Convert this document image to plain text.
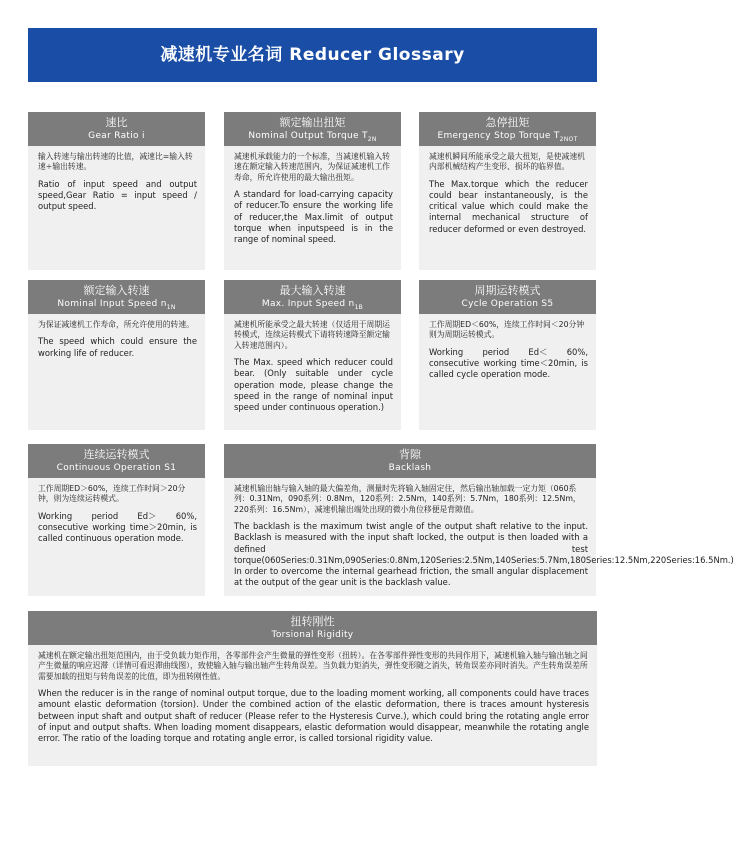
减速机专业名词 Reducer Glossary
速比
Gear Ratio i

输入转速与输出转速的比值，减速比=输入转速÷输出转速。

Ratio of input speed and output speed,Gear Ratio = input speed / output speed.

额定输出扭矩
Nominal Output Torque $T_{2N}$

减速机承载能力的一个标准，当减速机输入转速在额定输入转速范围内，为保证减速机工作寿命，所允许使用的最大输出扭矩。

A standard for load-carrying capacity of reducer.To ensure the working life of reducer,the Max.limit of output torque when inputspeed is in the range of nominal speed.

急停扭矩
Emergency Stop Torque $T_{2NOT}$

减速机瞬间所能承受之最大扭矩，是使减速机内部机械结构产生变形、损坏的临界值。

The Max.torque which the reducer could bear instantaneously, is the critical value which could make the internal mechanical structure of reducer deformed or even destroyed.

额定输入转速
Nominal Input Speed $n_{1N}$

为保证减速机工作寿命，所允许使用的转速。

The speed which could ensure the working life of reducer.

最大输入转速
Max. Input Speed $n_{1B}$

减速机所能承受之最大转速（仅适用于周期运转模式，连续运转模式下请将转速降至额定输入转速范围内）。

The Max. speed which reducer could bear. (Only suitable under cycle operation mode, please change the speed in the range of nominal input speed under continuous operation.)

周期运转模式
Cycle Operation S5

工作周期ED＜60%，连续工作时间＜20分钟则为周期运转模式。

Working period Ed＜ 60%, consecutive working time＜20min, is called cycle operation mode.

连续运转模式
Continuous Operation S1

工作周期ED＞60%，连续工作时间＞20分钟，则为连续运转模式。

Working period Ed＞ 60%, consecutive working time＞20min, is called continuous operation mode.

背隙
Backlash

减速机输出轴与输入轴的最大偏差角，测量时先将输入轴固定住，然后输出轴加载一定力矩（060系列：0.31Nm，090系列：0.8Nm，120系列：2.5Nm，140系列：5.7Nm，180系列：12.5Nm，220系列：16.5Nm），减速机输出端处出现的微小角位移便是背隙值。

The backlash is the maximum twist angle of the output shaft relative to the input. Backlash is measured with the input shaft locked, the output is then loaded with a defined test torque(060Series:0.31Nm,090Series:0.8Nm,120Series:2.5Nm,140Series:5.7Nm,180Series:12.5Nm,220Series:16.5Nm.) In order to overcome the internal gearhead friction, the small angular displacement at the output of the gear unit is the backlash value.

扭转刚性
Torsional Rigidity

减速机在额定输出扭矩范围内，由于受负载力矩作用，各零部件会产生微量的弹性变形（扭转）。在各零部件弹性变形的共同作用下，减速机输入轴与输出轴之间产生微量的响应迟滞（详情可看迟滞曲线图），致使输入轴与输出轴产生转角误差。当负载力矩消失，弹性变形随之消失，转角误差亦同时消失。产生转角误差所需要加载的扭矩与转角误差的比值，即为扭转刚性值。

When the reducer is in the range of nominal output torque, due to the loading moment working, all components could have traces amount elastic deformation (torsion). Under the combined action of the elastic deformation, there is traces amount hysteresis between input shaft and output shaft of reducer (Please refer to the Hysteresis Curve.), which could bring the rotating angle error of input and output shafts. When loading moment disappears, elastic deformation would disappear, meanwhile the rotating angle error. The ratio of the loading torque and rotating angle error, is called torsional rigidity value.
